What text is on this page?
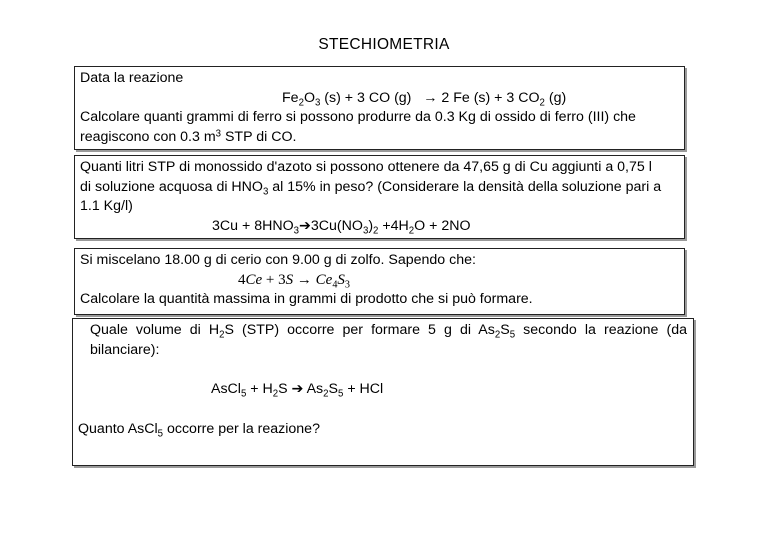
STECHIOMETRIA
Data la reazione
$Fe_2O_3$ (s) + 3 CO (g)   → 2 Fe (s) + 3 $CO_2$ (g)
Calcolare quanti grammi di ferro si possono produrre da 0.3 Kg di ossido di ferro (III) che
reagiscono con 0.3 $m^3$ STP di CO.
Quanti litri STP di monossido d'azoto si possono ottenere da 47,65 g di Cu aggiunti a 0,75 l
di soluzione acquosa di $HNO_3$ al 15% in peso? (Considerare la densità della soluzione pari a
1.1 Kg/l)
$3Cu + 8HNO_3➔3Cu(NO_3)_2 +4H_2O + 2NO$
Si miscelano 18.00 g di cerio con 9.00 g di zolfo. Sapendo che:
$4Ce + 3S \to Ce_4S_3$
Calcolare la quantità massima in grammi di prodotto che si può formare.
Quale volume di $H_2S$ (STP) occorre per formare 5 g di $As_2S_5$ secondo la reazione (da
bilanciare):
AsCl$_5$ + $H_2S$ ➔ $As_2S_5$ + HCl
Quanto AsCl$_5$ occorre per la reazione?
